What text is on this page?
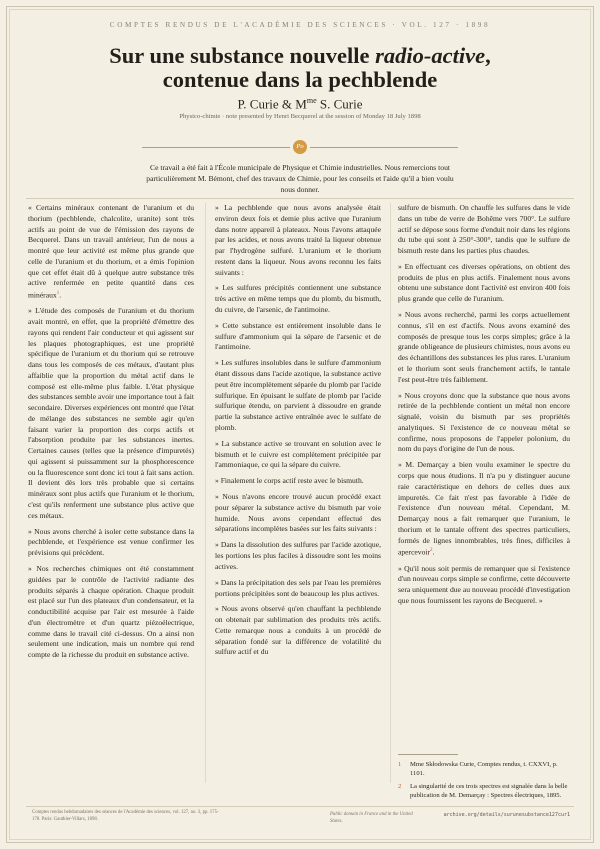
COMPTES RENDUS DE L'ACADÉMIE DES SCIENCES · VOL. 127 · 1898
Sur une substance nouvelle radio-active,
contenue dans la pechblende
P. Curie & $M^{me}$ S. Curie
Physico-chimie · note presented by Henri Becquerel at the session of Monday 18 July 1898
Po
Ce travail a été fait à l'École municipale de Physique et Chimie industrielles. Nous remercions tout particulièrement M. Bémont, chef des travaux de Chimie, pour les conseils et l'aide qu'il a bien voulu nous donner.

« Certains minéraux contenant de l'uranium et du thorium (pechblende, chalcolite, uranite) sont très actifs au point de vue de l'émission des rayons de Becquerel. Dans un travail antérieur, l'un de nous a montré que leur activité est même plus grande que celle de l'uranium et du thorium, et a émis l'opinion que cet effet était dû à quelque autre substance très active renfermée en petite quantité dans ces minéraux$^1$.

» L'étude des composés de l'uranium et du thorium avait montré, en effet, que la propriété d'émettre des rayons qui rendent l'air conducteur et qui agissent sur les plaques photographiques, est une propriété spécifique de l'uranium et du thorium qui se retrouve dans tous les composés de ces métaux, d'autant plus affaiblie que la proportion du métal actif dans le composé est elle-même plus faible. L'état physique des substances semble avoir une importance tout à fait secondaire. Diverses expériences ont montré que l'état de mélange des substances ne semble agir qu'en faisant varier la proportion des corps actifs et l'absorption produite par les substances inertes. Certaines causes (telles que la présence d'impuretés) qui agissent si puissamment sur la phosphorescence ou la fluorescence sont donc ici tout à fait sans action. Il devient dès lors très probable que si certains minéraux sont plus actifs que l'uranium et le thorium, c'est qu'ils renferment une substance plus active que ces métaux.

» Nous avons cherché à isoler cette substance dans la pechblende, et l'expérience est venue confirmer les prévisions qui précèdent.

» Nos recherches chimiques ont été constamment guidées par le contrôle de l'activité radiante des produits séparés à chaque opération. Chaque produit est placé sur l'un des plateaux d'un condensateur, et la conductibilité acquise par l'air est mesurée à l'aide d'un électromètre et d'un quartz piézoélectrique, comme dans le travail cité ci-dessus. On a ainsi non seulement une indication, mais un nombre qui rend compte de la richesse du produit en substance active.

» La pechblende que nous avons analysée était environ deux fois et demie plus active que l'uranium dans notre appareil à plateaux. Nous l'avons attaquée par les acides, et nous avons traité la liqueur obtenue par l'hydrogène sulfuré. L'uranium et le thorium restent dans la liqueur. Nous avons reconnu les faits suivants :

» Les sulfures précipités contiennent une substance très active en même temps que du plomb, du bismuth, du cuivre, de l'arsenic, de l'antimoine.

» Cette substance est entièrement insoluble dans le sulfure d'ammonium qui la sépare de l'arsenic et de l'antimoine.

» Les sulfures insolubles dans le sulfure d'ammonium étant dissous dans l'acide azotique, la substance active peut être incomplètement séparée du plomb par l'acide sulfurique. En épuisant le sulfate de plomb par l'acide sulfurique étendu, on parvient à dissoudre en grande partie la substance active entraînée avec le sulfate de plomb.

» La substance active se trouvant en solution avec le bismuth et le cuivre est complètement précipitée par l'ammoniaque, ce qui la sépare du cuivre.

» Finalement le corps actif reste avec le bismuth.

» Nous n'avons encore trouvé aucun procédé exact pour séparer la substance active du bismuth par voie humide. Nous avons cependant effectué des séparations incomplètes basées sur les faits suivants :

» Dans la dissolution des sulfures par l'acide azotique, les portions les plus faciles à dissoudre sont les moins actives.

» Dans la précipitation des sels par l'eau les premières portions précipitées sont de beaucoup les plus actives.

» Nous avons observé qu'en chauffant la pechblende on obtenait par sublimation des produits très actifs. Cette remarque nous a conduits à un procédé de séparation fondé sur la différence de volatilité du sulfure actif et du

sulfure de bismuth. On chauffe les sulfures dans le vide dans un tube de verre de Bohême vers 700°. Le sulfure actif se dépose sous forme d'enduit noir dans les régions du tube qui sont à 250°-300°, tandis que le sulfure de bismuth reste dans les parties plus chaudes.

» En effectuant ces diverses opérations, on obtient des produits de plus en plus actifs. Finalement nous avons obtenu une substance dont l'activité est environ 400 fois plus grande que celle de l'uranium.

» Nous avons recherché, parmi les corps actuellement connus, s'il en est d'actifs. Nous avons examiné des composés de presque tous les corps simples; grâce à la grande obligeance de plusieurs chimistes, nous avons eu des échantillons des substances les plus rares. L'uranium et le thorium sont seuls franchement actifs, le tantale l'est peut-être très faiblement.

» Nous croyons donc que la substance que nous avons retirée de la pechblende contient un métal non encore signalé, voisin du bismuth par ses propriétés analytiques. Si l'existence de ce nouveau métal se confirme, nous proposons de l'appeler polonium, du nom du pays d'origine de l'un de nous.

» M. Demarçay a bien voulu examiner le spectre du corps que nous étudions. Il n'a pu y distinguer aucune raie caractéristique en dehors de celles dues aux impuretés. Ce fait n'est pas favorable à l'idée de l'existence d'un nouveau métal. Cependant, M. Demarçay nous a fait remarquer que l'uranium, le thorium et le tantale offrent des spectres particuliers, formés de lignes innombrables, très fines, difficiles à apercevoir$^2$.

» Qu'il nous soit permis de remarquer que si l'existence d'un nouveau corps simple se confirme, cette découverte sera uniquement due au nouveau procédé d'investigation que nous fournissent les rayons de Becquerel. »

1 Mme Skłodowska Curie, Comptes rendus, t. CXXVI, p. 1101.
2 La singularité de ces trois spectres est signalée dans la belle publication de M. Demarçay : Spectres électriques, 1895.
Comptes rendus hebdomadaires des séances de l'Académie des sciences, vol. 127, no. 3, pp. 175-178. Paris: Gauthier-Villars, 1898.
Public domain in France and in the United States.
archive.org/details/surunesubstance127cur1
